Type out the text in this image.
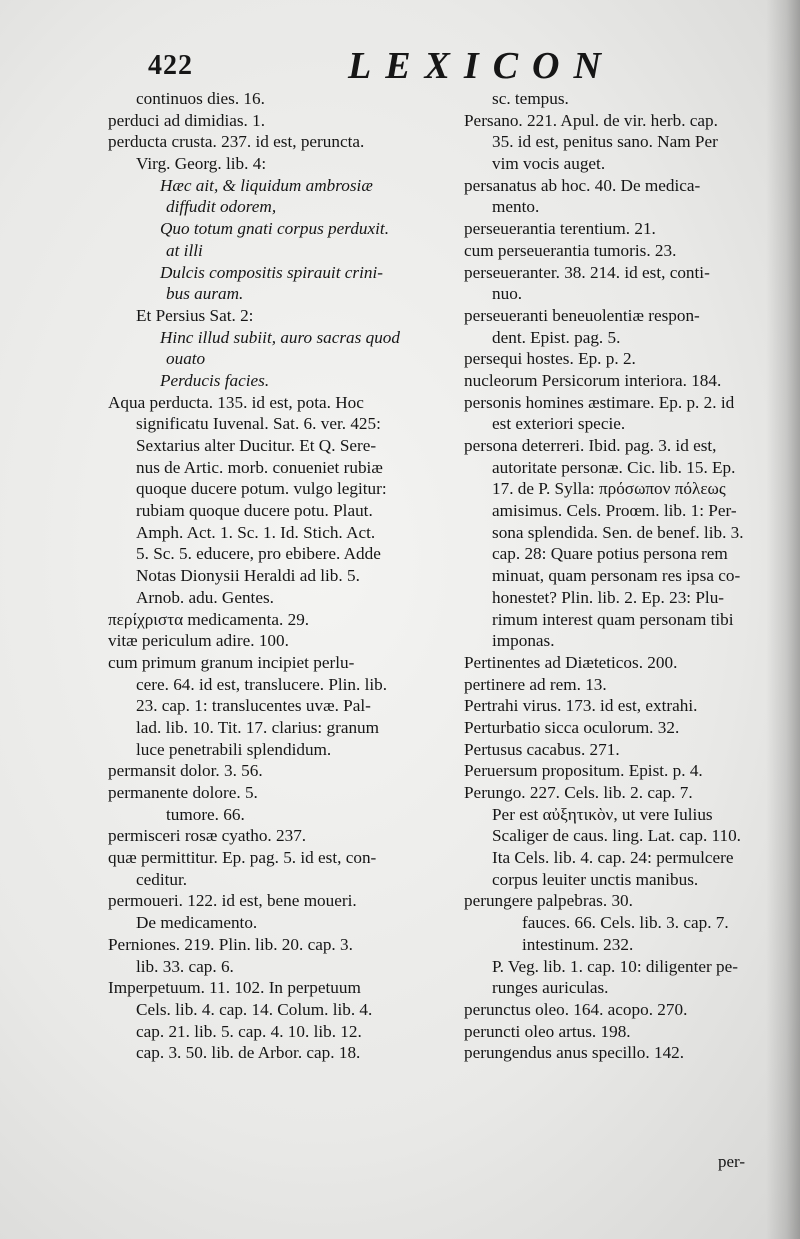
422	LEXICON
continuos dies. 16.
perduci ad dimidias. 1.
perducta crusta. 237. id est, peruncta.
Virg. Georg. lib. 4:
Hæc ait, & liquidum ambrosiæ
diffudit odorem,
Quo totum gnati corpus perduxit.
at illi
Dulcis compositis spirauit crini-
bus auram.
Et Persius Sat. 2:
Hinc illud subiit, auro sacras quod
ouato
Perducis facies.
Aqua perducta. 135. id est, pota. Hoc
significatu Iuvenal. Sat. 6. ver. 425:
Sextarius alter Ducitur. Et Q. Sere-
nus de Artic. morb. conueniet rubiæ
quoque ducere potum. vulgo legitur:
rubiam quoque ducere potu. Plaut.
Amph. Act. 1. Sc. 1. Id. Stich. Act.
5. Sc. 5. educere, pro ebibere. Adde
Notas Dionysii Heraldi ad lib. 5.
Arnob. adu. Gentes.
περίχριστα medicamenta. 29.
vitæ periculum adire. 100.
cum primum granum incipiet perlu-
cere. 64. id est, translucere. Plin. lib.
23. cap. 1: translucentes uvæ. Pal-
lad. lib. 10. Tit. 17. clarius: granum
luce penetrabili splendidum.
permansit dolor. 3. 56.
permanente dolore. 5.
tumore. 66.
permisceri rosæ cyatho. 237.
quæ permittitur. Ep. pag. 5. id est, con-
ceditur.
permoueri. 122. id est, bene moueri.
De medicamento.
Perniones. 219. Plin. lib. 20. cap. 3.
lib. 33. cap. 6.
Imperpetuum. 11. 102. In perpetuum
Cels. lib. 4. cap. 14. Colum. lib. 4.
cap. 21. lib. 5. cap. 4. 10. lib. 12.
cap. 3. 50. lib. de Arbor. cap. 18.
sc. tempus.
Persano. 221. Apul. de vir. herb. cap.
35. id est, penitus sano. Nam Per
vim vocis auget.
persanatus ab hoc. 40. De medica-
mento.
perseuerantia terentium. 21.
cum perseuerantia tumoris. 23.
perseueranter. 38. 214. id est, conti-
nuo.
perseueranti beneuolentiæ respon-
dent. Epist. pag. 5.
persequi hostes. Ep. p. 2.
nucleorum Persicorum interiora. 184.
personis homines æstimare. Ep. p. 2. id
est exteriori specie.
persona deterreri. Ibid. pag. 3. id est,
autoritate personæ. Cic. lib. 15. Ep.
17. de P. Sylla: πρόσωπον πόλεως
amisimus. Cels. Proœm. lib. 1: Per-
sona splendida. Sen. de benef. lib. 3.
cap. 28: Quare potius persona rem
minuat, quam personam res ipsa co-
honestet? Plin. lib. 2. Ep. 23: Plu-
rimum interest quam personam tibi
imponas.
Pertinentes ad Diæteticos. 200.
pertinere ad rem. 13.
Pertrahi virus. 173. id est, extrahi.
Perturbatio sicca oculorum. 32.
Pertusus cacabus. 271.
Peruersum propositum. Epist. p. 4.
Perungo. 227. Cels. lib. 2. cap. 7.
Per est αὐξητικὸν, ut vere Iulius
Scaliger de caus. ling. Lat. cap. 110.
Ita Cels. lib. 4. cap. 24: permulcere
corpus leuiter unctis manibus.
perungere palpebras. 30.
fauces. 66. Cels. lib. 3. cap. 7.
intestinum. 232.
P. Veg. lib. 1. cap. 10: diligenter pe-
runges auriculas.
perunctus oleo. 164. acopo. 270.
peruncti oleo artus. 198.
perungendus anus specillo. 142.
per-
